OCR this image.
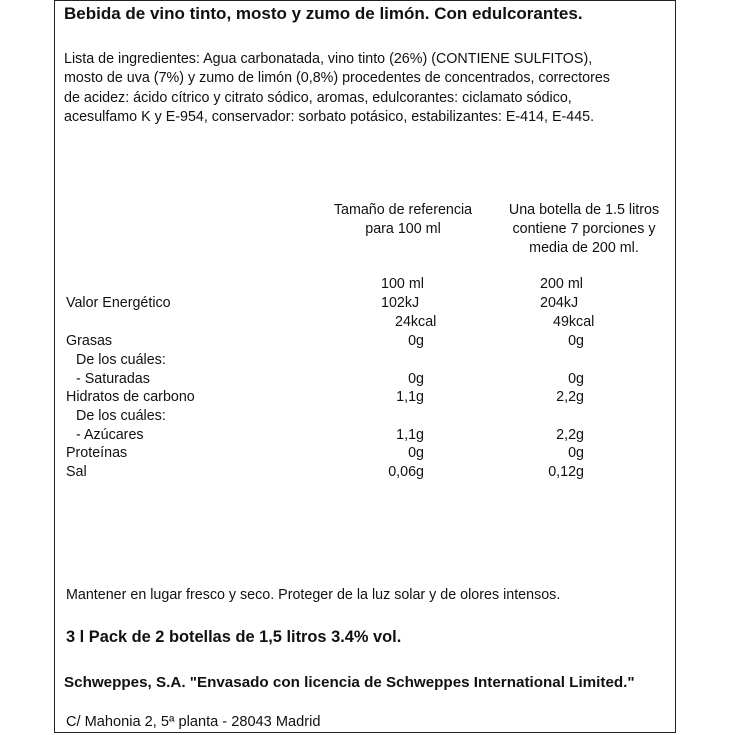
Bebida de vino tinto, mosto y zumo de limón. Con edulcorantes.
Lista de ingredientes: Agua carbonatada, vino tinto (26%) (CONTIENE SULFITOS), mosto de uva (7%) y zumo de limón (0,8%) procedentes de concentrados, correctores de acidez: ácido cítrico y citrato sódico, aromas, edulcorantes: ciclamato sódico, acesulfamo K y E-954, conservador: sorbato potásico, estabilizantes: E-414, E-445.
Tamaño de referencia
para 100 ml
Una botella de 1.5 litros
contiene 7 porciones y
media de 200 ml.
100 ml	200 ml
Valor Energético	102kJ	204kJ
24kcal	49kcal
Grasas	0g	0g
De los cuáles:
- Saturadas	0g	0g
Hidratos de carbono	1,1g	2,2g
De los cuáles:
- Azúcares	1,1g	2,2g
Proteínas	0g	0g
Sal	0,06g	0,12g
Mantener en lugar fresco y seco. Proteger de la luz solar y de olores intensos.
3 l Pack de 2 botellas de 1,5 litros 3.4% vol.
Schweppes, S.A. "Envasado con licencia de Schweppes International Limited."
C/ Mahonia 2, 5ª planta - 28043 Madrid
